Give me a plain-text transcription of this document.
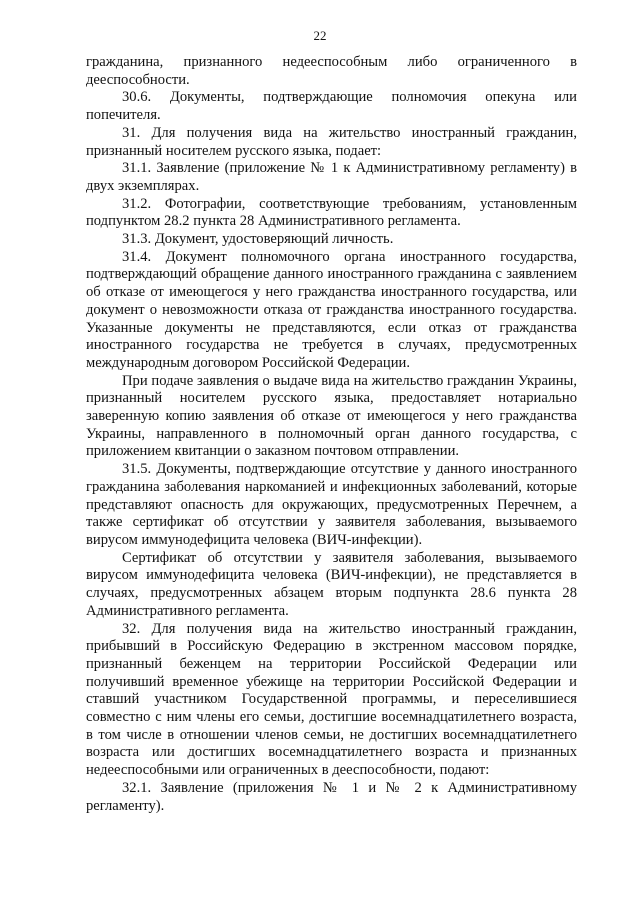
22

гражданина, признанного недееспособным либо ограниченного в дееспособности.

30.6. Документы, подтверждающие полномочия опекуна или попечителя.

31. Для получения вида на жительство иностранный гражданин, признанный носителем русского языка, подает:

31.1. Заявление (приложение № 1 к Административному регламенту) в двух экземплярах.

31.2. Фотографии, соответствующие требованиям, установленным подпунктом 28.2 пункта 28 Административного регламента.

31.3. Документ, удостоверяющий личность.

31.4. Документ полномочного органа иностранного государства, подтверждающий обращение данного иностранного гражданина с заявлением об отказе от имеющегося у него гражданства иностранного государства, или документ о невозможности отказа от гражданства иностранного государства. Указанные документы не представляются, если отказ от гражданства иностранного государства не требуется в случаях, предусмотренных международным договором Российской Федерации.

При подаче заявления о выдаче вида на жительство гражданин Украины, признанный носителем русского языка, предоставляет нотариально заверенную копию заявления об отказе от имеющегося у него гражданства Украины, направленного в полномочный орган данного государства, с приложением квитанции о заказном почтовом отправлении.

31.5. Документы, подтверждающие отсутствие у данного иностранного гражданина заболевания наркоманией и инфекционных заболеваний, которые представляют опасность для окружающих, предусмотренных Перечнем, а также сертификат об отсутствии у заявителя заболевания, вызываемого вирусом иммунодефицита человека (ВИЧ-инфекции).

Сертификат об отсутствии у заявителя заболевания, вызываемого вирусом иммунодефицита человека (ВИЧ-инфекции), не представляется в случаях, предусмотренных абзацем вторым подпункта 28.6 пункта 28 Административного регламента.

32. Для получения вида на жительство иностранный гражданин, прибывший в Российскую Федерацию в экстренном массовом порядке, признанный беженцем на территории Российской Федерации или получивший временное убежище на территории Российской Федерации и ставший участником Государственной программы, и переселившиеся совместно с ним члены его семьи, достигшие восемнадцатилетнего возраста, в том числе в отношении членов семьи, не достигших восемнадцатилетнего возраста или достигших восемнадцатилетнего возраста и признанных недееспособными или ограниченных в дееспособности, подают:

32.1. Заявление (приложения № 1 и № 2 к Административному регламенту).
